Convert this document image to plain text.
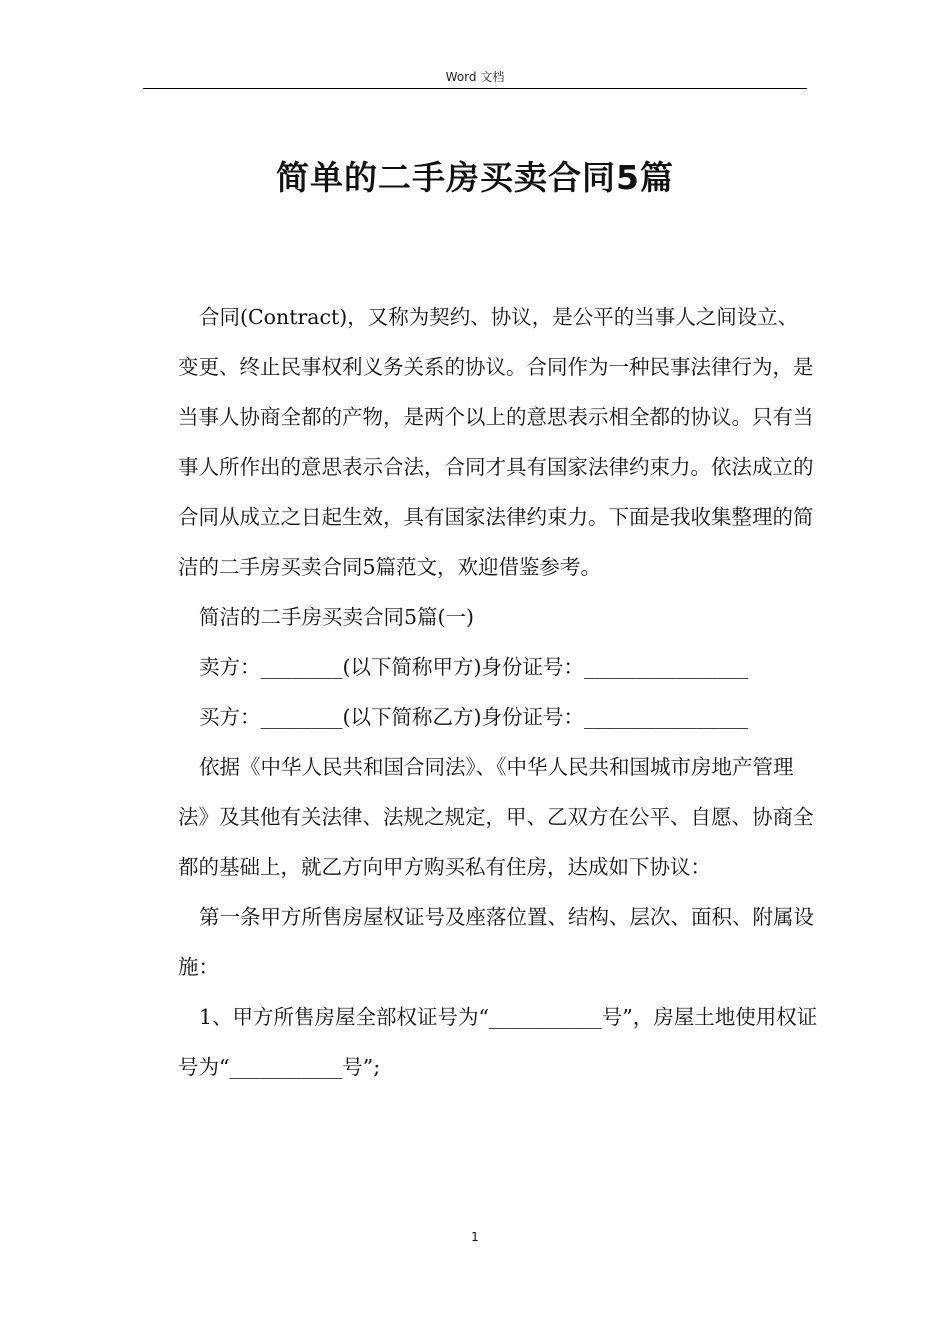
Word 文档
简单的二手房买卖合同5篇

合同(Contract)，又称为契约、协议，是公平的当事人之间设立、变更、终止民事权利义务关系的协议。合同作为一种民事法律行为，是当事人协商全都的产物，是两个以上的意思表示相全都的协议。只有当事人所作出的意思表示合法，合同才具有国家法律约束力。依法成立的合同从成立之日起生效，具有国家法律约束力。下面是我收集整理的简洁的二手房买卖合同5篇范文，欢迎借鉴参考。

简洁的二手房买卖合同5篇(一)

卖方：________(以下简称甲方)身份证号：________________

买方：________(以下简称乙方)身份证号：________________

依据《中华人民共和国合同法》、《中华人民共和国城市房地产管理法》及其他有关法律、法规之规定，甲、乙双方在公平、自愿、协商全都的基础上，就乙方向甲方购买私有住房，达成如下协议：

第一条甲方所售房屋权证号及座落位置、结构、层次、面积、附属设施：

1、甲方所售房屋全部权证号为“___________号”，房屋土地使用权证号为“___________号”;

1
